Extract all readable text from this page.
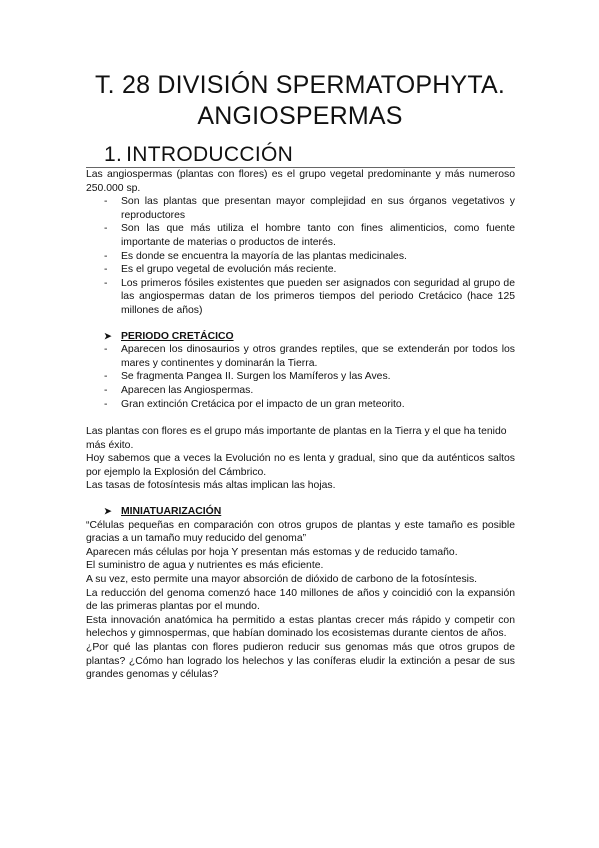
T. 28 DIVISIÓN SPERMATOPHYTA.
ANGIOSPERMAS
1. INTRODUCCIÓN

Las angiospermas (plantas con flores) es el grupo vegetal predominante y más numeroso 250.000 sp.

- Son las plantas que presentan mayor complejidad en sus órganos vegetativos y reproductores
- Son las que más utiliza el hombre tanto con fines alimenticios, como fuente importante de materias o productos de interés.
- Es donde se encuentra la mayoría de las plantas medicinales.
- Es el grupo vegetal de evolución más reciente.
- Los primeros fósiles existentes que pueden ser asignados con seguridad al grupo de las angiospermas datan de los primeros tiempos del periodo Cretácico (hace 125 millones de años)
➤ PERIODO CRETÁCICO
- Aparecen los dinosaurios y otros grandes reptiles, que se extenderán por todos los mares y continentes y dominarán la Tierra.
- Se fragmenta Pangea II. Surgen los Mamíferos y las Aves.
- Aparecen las Angiospermas.
- Gran extinción Cretácica por el impacto de un gran meteorito.

Las plantas con flores es el grupo más importante de plantas en la Tierra y el que ha tenido más éxito.

Hoy sabemos que a veces la Evolución no es lenta y gradual, sino que da auténticos saltos por ejemplo la Explosión del Cámbrico.

Las tasas de fotosíntesis más altas implican las hojas.

➤ MINIATUARIZACIÓN

“Células pequeñas en comparación con otros grupos de plantas y este tamaño es posible gracias a un tamaño muy reducido del genoma”

Aparecen más células por hoja Y presentan más estomas y de reducido tamaño.

El suministro de agua y nutrientes es más eficiente.

A su vez, esto permite una mayor absorción de dióxido de carbono de la fotosíntesis.

La reducción del genoma comenzó hace 140 millones de años y coincidió con la expansión de las primeras plantas por el mundo.

Esta innovación anatómica ha permitido a estas plantas crecer más rápido y competir con helechos y gimnospermas, que habían dominado los ecosistemas durante cientos de años.

¿Por qué las plantas con flores pudieron reducir sus genomas más que otros grupos de plantas? ¿Cómo han logrado los helechos y las coníferas eludir la extinción a pesar de sus grandes genomas y células?
